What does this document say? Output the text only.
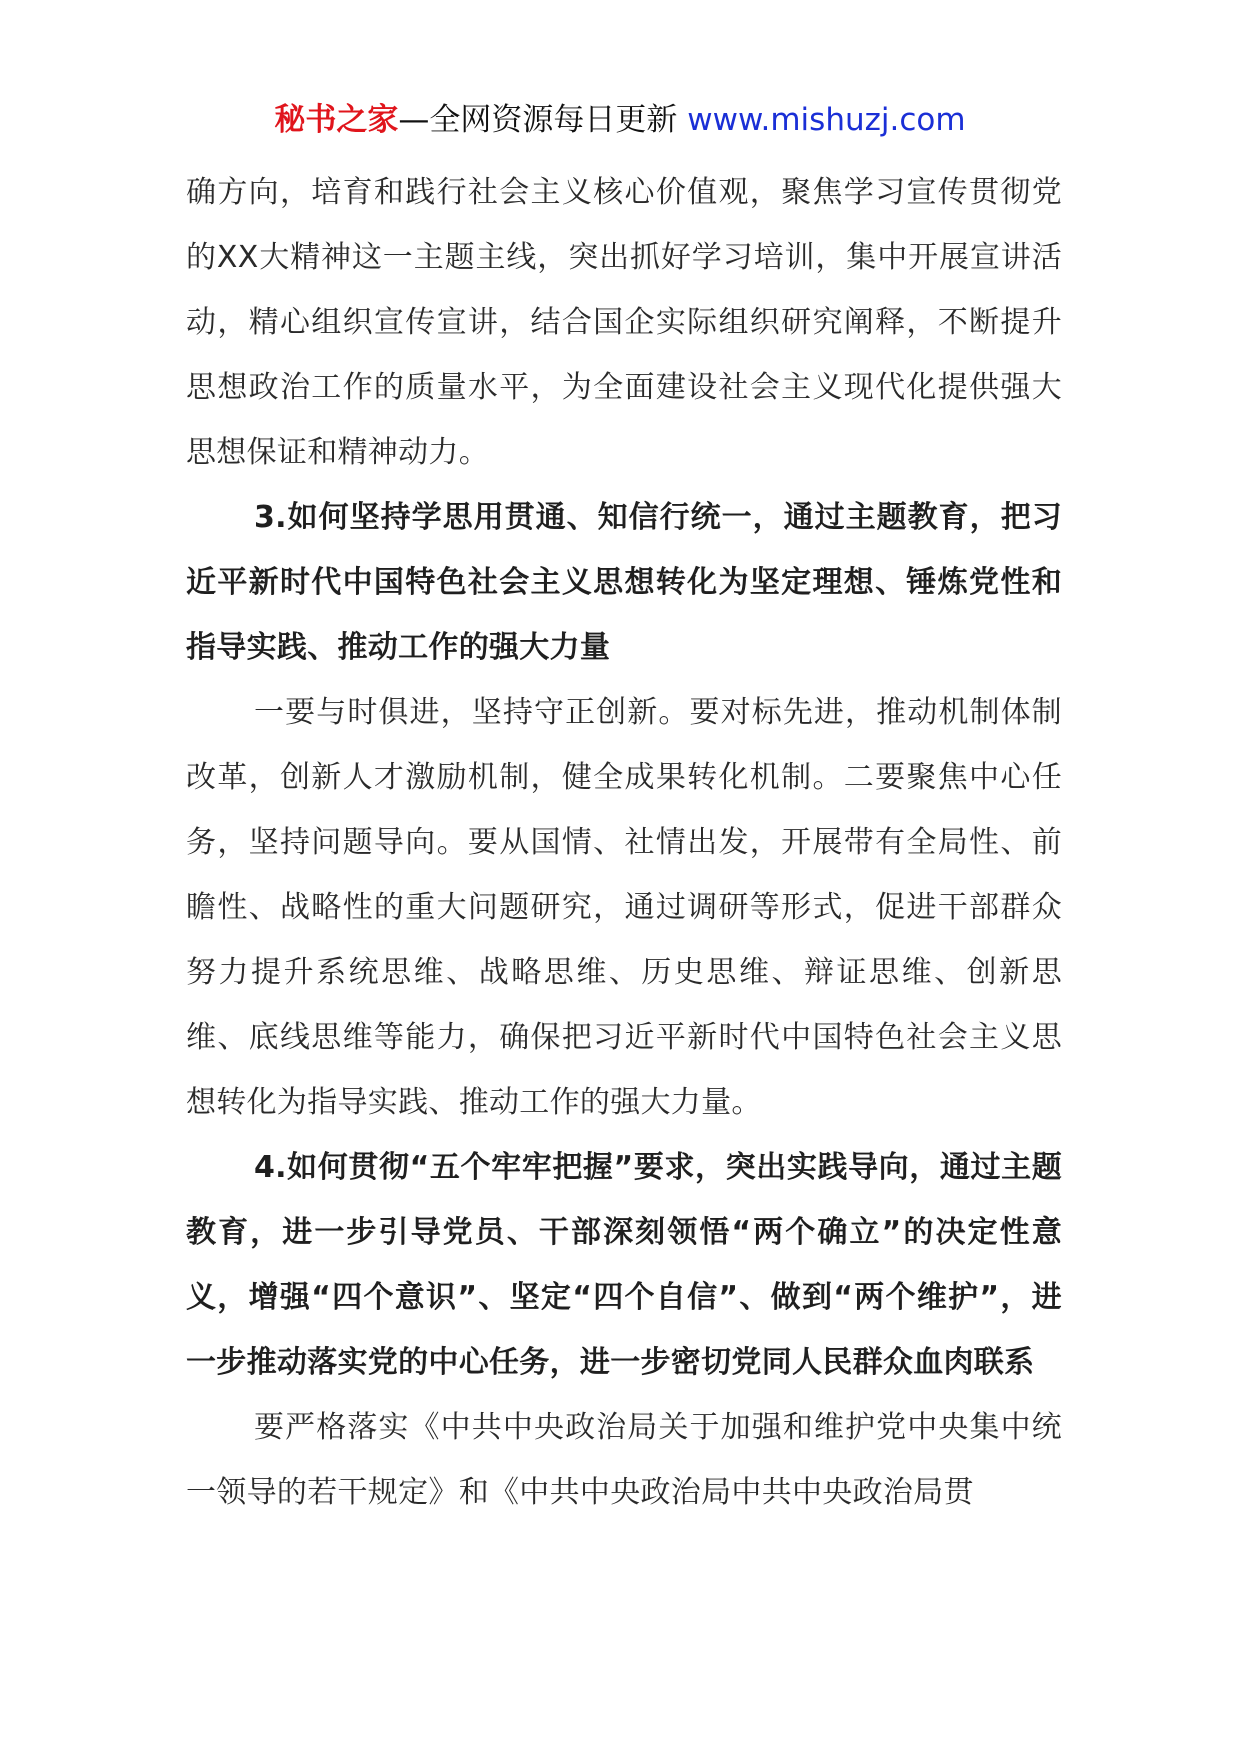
秘书之家—全网资源每日更新 www.mishuzj.com

确方向，培育和践行社会主义核心价值观，聚焦学习宣传贯彻党的XX大精神这一主题主线，突出抓好学习培训，集中开展宣讲活动，精心组织宣传宣讲，结合国企实际组织研究阐释，不断提升思想政治工作的质量水平，为全面建设社会主义现代化提供强大思想保证和精神动力。

3.如何坚持学思用贯通、知信行统一，通过主题教育，把习近平新时代中国特色社会主义思想转化为坚定理想、锤炼党性和指导实践、推动工作的强大力量

一要与时俱进，坚持守正创新。要对标先进，推动机制体制改革，创新人才激励机制，健全成果转化机制。二要聚焦中心任务，坚持问题导向。要从国情、社情出发，开展带有全局性、前瞻性、战略性的重大问题研究，通过调研等形式，促进干部群众努力提升系统思维、战略思维、历史思维、辩证思维、创新思维、底线思维等能力，确保把习近平新时代中国特色社会主义思想转化为指导实践、推动工作的强大力量。

4.如何贯彻“五个牢牢把握”要求，突出实践导向，通过主题教育，进一步引导党员、干部深刻领悟“两个确立”的决定性意义，增强“四个意识”、坚定“四个自信”、做到“两个维护”，进一步推动落实党的中心任务，进一步密切党同人民群众血肉联系

要严格落实《中共中央政治局关于加强和维护党中央集中统一领导的若干规定》和《中共中央政治局中共中央政治局贯
